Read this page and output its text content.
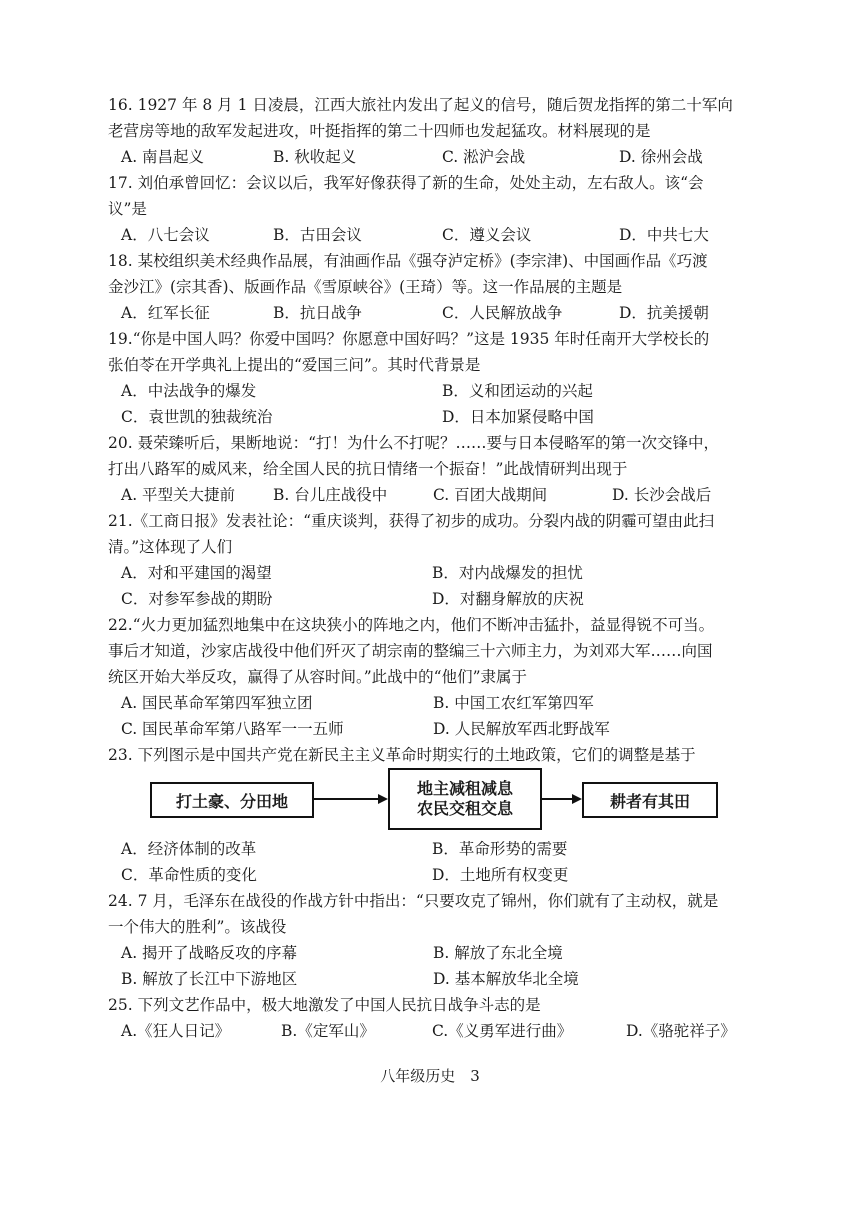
16. 1927 年 8 月 1 日凌晨，江西大旅社内发出了起义的信号，随后贺龙指挥的第二十军向
老营房等地的敌军发起进攻，叶挺指挥的第二十四师也发起猛攻。材料展现的是
A. 南昌起义	B. 秋收起义	C. 淞沪会战	D. 徐州会战
17. 刘伯承曾回忆：会议以后，我军好像获得了新的生命，处处主动，左右敌人。该“会
议”是
A．八七会议	B．古田会议	C．遵义会议	D．中共七大
18. 某校组织美术经典作品展，有油画作品《强夺泸定桥》(李宗津)、中国画作品《巧渡
金沙江》(宗其香)、版画作品《雪原峡谷》(王琦）等。这一作品展的主题是
A．红军长征	B．抗日战争	C．人民解放战争	D．抗美援朝
19.“你是中国人吗？你爱中国吗？你愿意中国好吗？”这是 1935 年时任南开大学校长的
张伯苓在开学典礼上提出的“爱国三问”。其时代背景是
A．中法战争的爆发	B．义和团运动的兴起
C．袁世凯的独裁统治	D．日本加紧侵略中国
20. 聂荣臻听后，果断地说：“打！为什么不打呢？……要与日本侵略军的第一次交锋中，
打出八路军的威风来，给全国人民的抗日情绪一个振奋！”此战情研判出现于
A. 平型关大捷前 B. 台儿庄战役中	C. 百团大战期间	D. 长沙会战后
21.《工商日报》发表社论：“重庆谈判，获得了初步的成功。分裂内战的阴霾可望由此扫
清。”这体现了人们
A．对和平建国的渴望	B．对内战爆发的担忧
C．对参军参战的期盼	D．对翻身解放的庆祝
22.“火力更加猛烈地集中在这块狭小的阵地之内，他们不断冲击猛扑，益显得锐不可当。
事后才知道，沙家店战役中他们歼灭了胡宗南的整编三十六师主力，为刘邓大军……向国
统区开始大举反攻，赢得了从容时间。”此战中的“他们”隶属于
A. 国民革命军第四军独立团	B. 中国工农红军第四军
C. 国民革命军第八路军一一五师	D. 人民解放军西北野战军
23. 下列图示是中国共产党在新民主主义革命时期实行的土地政策，它们的调整是基于
打土豪、分田地
地主减租减息
农民交租交息	耕者有其田
A．经济体制的改革	B．革命形势的需要
C．革命性质的变化	D．土地所有权变更
24. 7 月，毛泽东在战役的作战方针中指出：“只要攻克了锦州，你们就有了主动权，就是
一个伟大的胜利”。该战役
A. 揭开了战略反攻的序幕	B. 解放了东北全境
B. 解放了长江中下游地区	D. 基本解放华北全境
25. 下列文艺作品中，极大地激发了中国人民抗日战争斗志的是
A.《狂人日记》	B.《定军山》	C.《义勇军进行曲》	D.《骆驼祥子》
八年级历史　3
